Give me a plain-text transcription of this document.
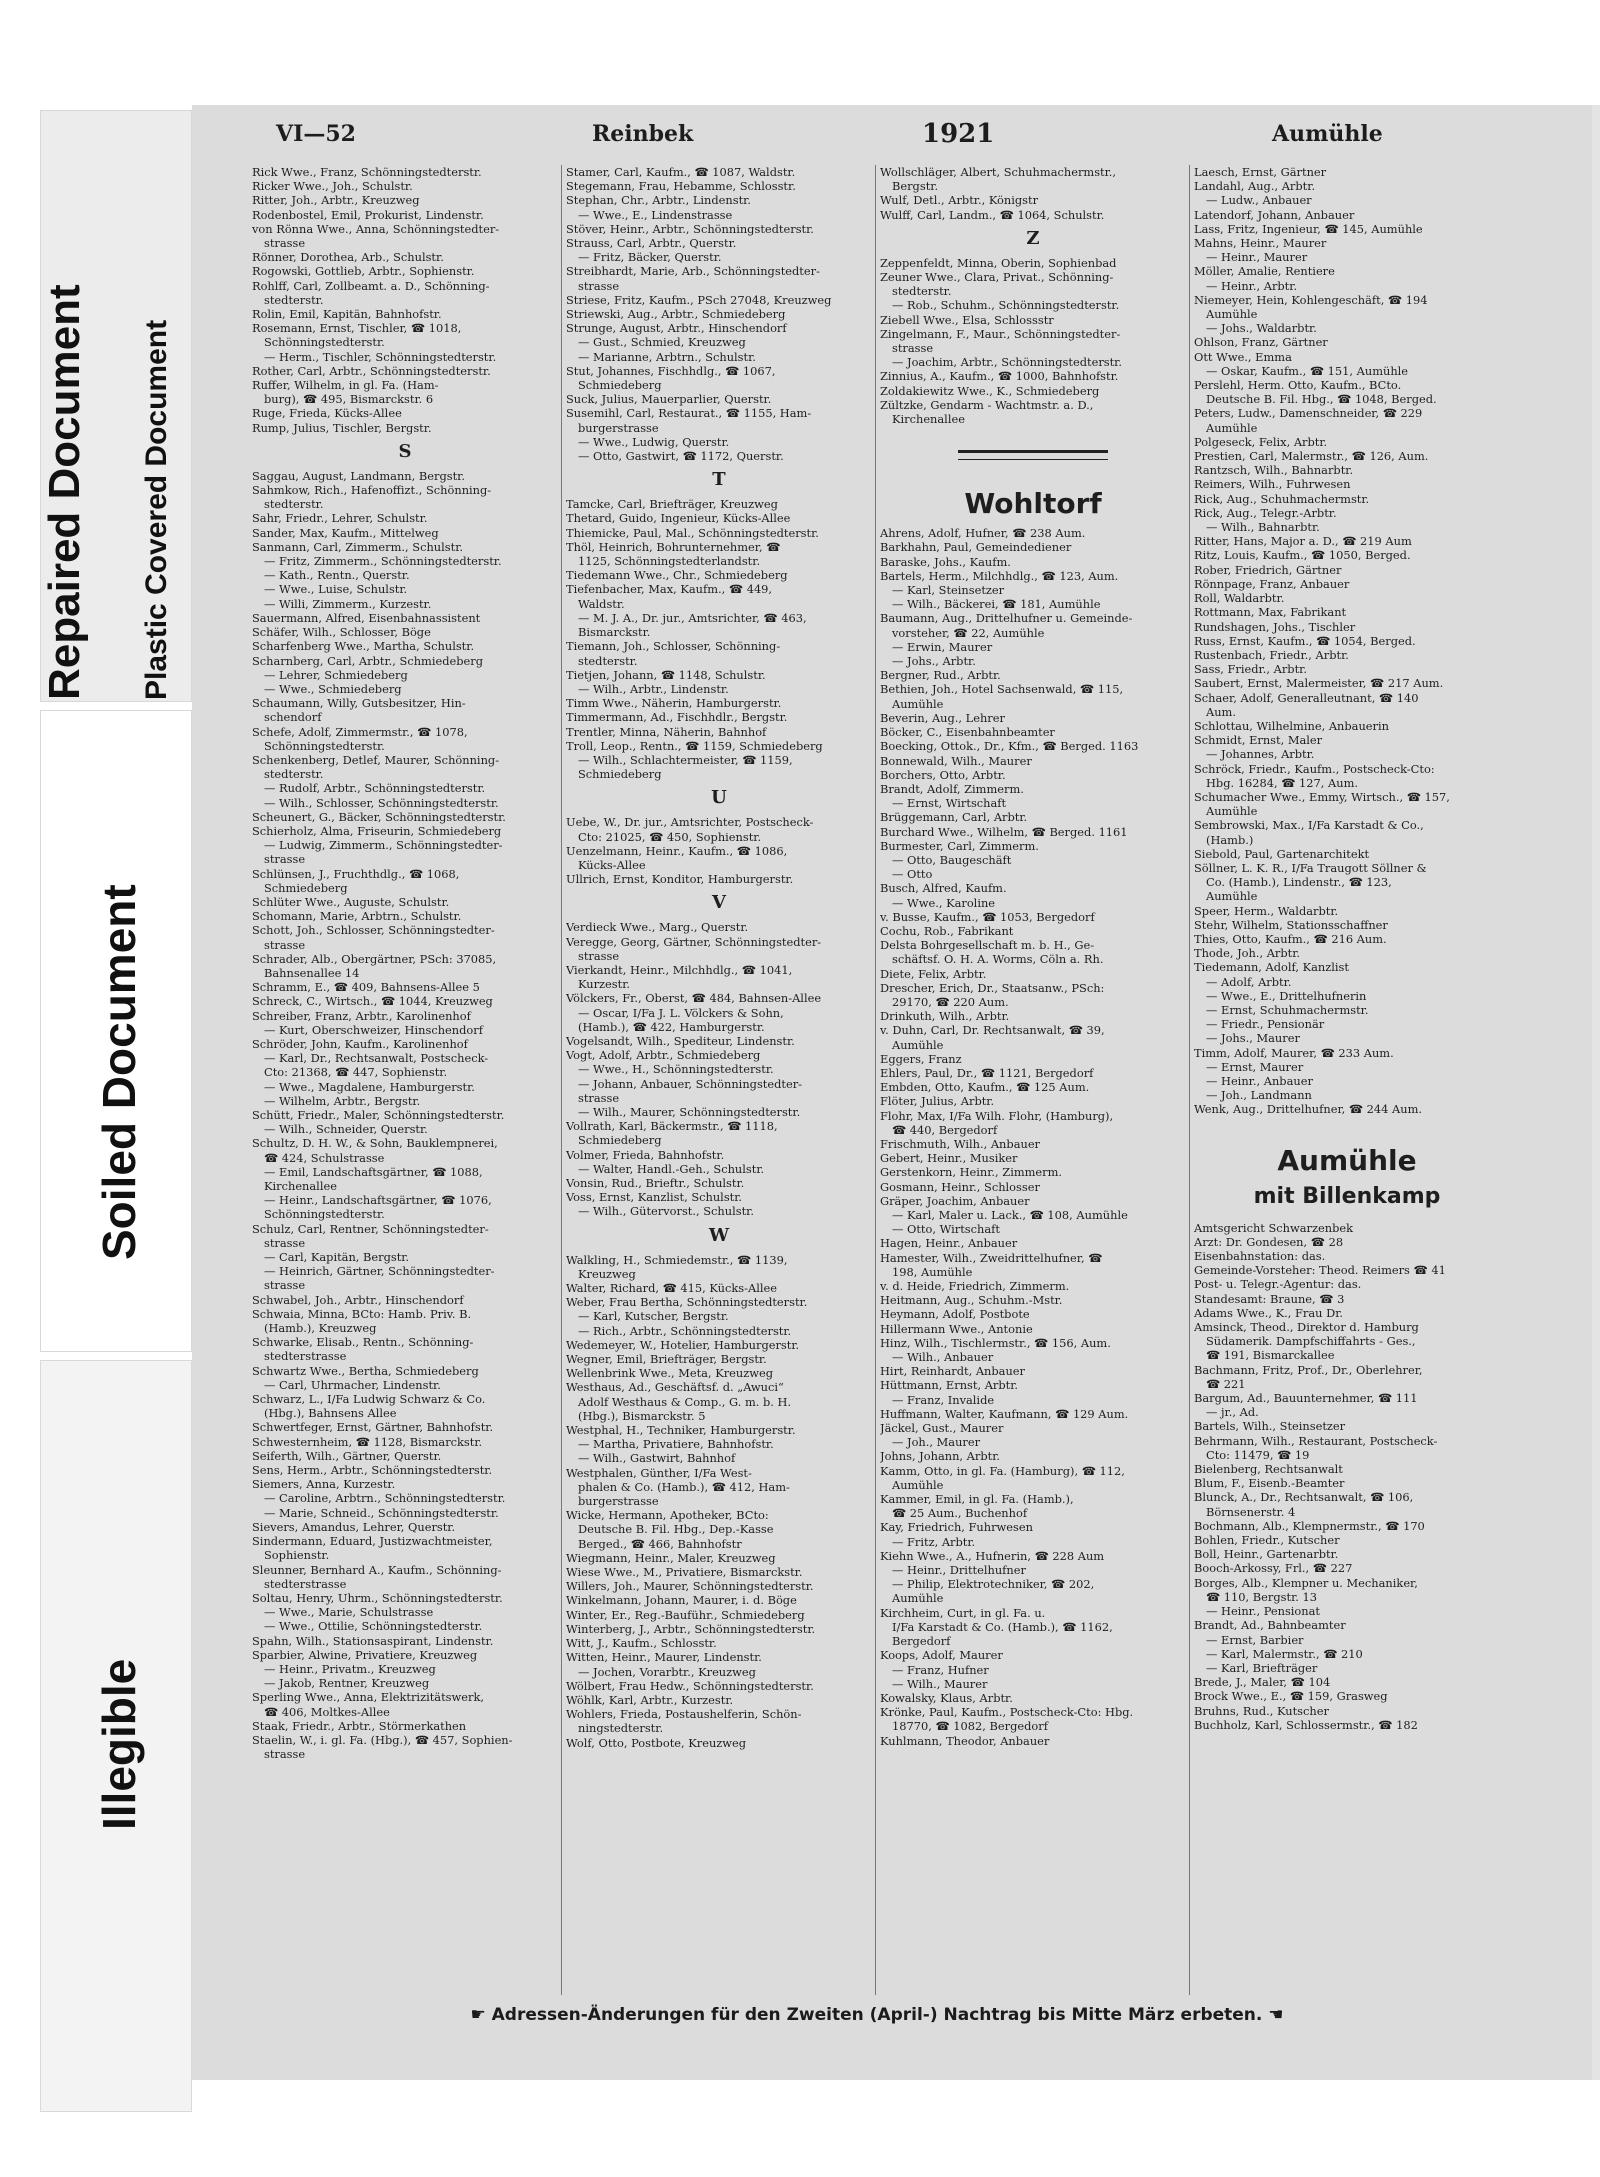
Repaired Document Plastic Covered Document
Soiled Document
Illegible
VI—52	Reinbek	1921	Aumühle
Rick Wwe., Franz, Schönningstedterstr.
Ricker Wwe., Joh., Schulstr.
Ritter, Joh., Arbtr., Kreuzweg
Rodenbostel, Emil, Prokurist, Lindenstr.
von Rönna Wwe., Anna, Schönningstedter-
strasse
Rönner, Dorothea, Arb., Schulstr.
Rogowski, Gottlieb, Arbtr., Sophienstr.
Rohlff, Carl, Zollbeamt. a. D., Schönning-
stedterstr.
Rolin, Emil, Kapitän, Bahnhofstr.
Rosemann, Ernst, Tischler, ☎ 1018,
Schönningstedterstr.
— Herm., Tischler, Schönningstedterstr.
Rother, Carl, Arbtr., Schönningstedterstr.
Ruffer, Wilhelm, in gl. Fa. (Ham-
burg), ☎ 495, Bismarckstr. 6
Ruge, Frieda, Kücks-Allee
Rump, Julius, Tischler, Bergstr.
S
Saggau, August, Landmann, Bergstr.
Sahmkow, Rich., Hafenoffizt., Schönning-
stedterstr.
Sahr, Friedr., Lehrer, Schulstr.
Sander, Max, Kaufm., Mittelweg
Sanmann, Carl, Zimmerm., Schulstr.
— Fritz, Zimmerm., Schönningstedterstr.
— Kath., Rentn., Querstr.
— Wwe., Luise, Schulstr.
— Willi, Zimmerm., Kurzestr.
Sauermann, Alfred, Eisenbahnassistent
Schäfer, Wilh., Schlosser, Böge
Scharfenberg Wwe., Martha, Schulstr.
Scharnberg, Carl, Arbtr., Schmiedeberg
— Lehrer, Schmiedeberg
— Wwe., Schmiedeberg
Schaumann, Willy, Gutsbesitzer, Hin-
schendorf
Schefe, Adolf, Zimmermstr., ☎ 1078,
Schönningstedterstr.
Schenkenberg, Detlef, Maurer, Schönning-
stedterstr.
— Rudolf, Arbtr., Schönningstedterstr.
— Wilh., Schlosser, Schönningstedterstr.
Scheunert, G., Bäcker, Schönningstedterstr.
Schierholz, Alma, Friseurin, Schmiedeberg
— Ludwig, Zimmerm., Schönningstedter-
strasse
Schlünsen, J., Fruchthdlg., ☎ 1068,
Schmiedeberg
Schlüter Wwe., Auguste, Schulstr.
Schomann, Marie, Arbtrn., Schulstr.
Schott, Joh., Schlosser, Schönningstedter-
strasse
Schrader, Alb., Obergärtner, PSch: 37085,
Bahnsenallee 14
Schramm, E., ☎ 409, Bahnsens-Allee 5
Schreck, C., Wirtsch., ☎ 1044, Kreuzweg
Schreiber, Franz, Arbtr., Karolinenhof
— Kurt, Oberschweizer, Hinschendorf
Schröder, John, Kaufm., Karolinenhof
— Karl, Dr., Rechtsanwalt, Postscheck-
Cto: 21368, ☎ 447, Sophienstr.
— Wwe., Magdalene, Hamburgerstr.
— Wilhelm, Arbtr., Bergstr.
Schütt, Friedr., Maler, Schönningstedterstr.
— Wilh., Schneider, Querstr.
Schultz, D. H. W., & Sohn, Bauklempnerei,
☎ 424, Schulstrasse
— Emil, Landschaftsgärtner, ☎ 1088,
Kirchenallee
— Heinr., Landschaftsgärtner, ☎ 1076,
Schönningstedterstr.
Schulz, Carl, Rentner, Schönningstedter-
strasse
— Carl, Kapitän, Bergstr.
— Heinrich, Gärtner, Schönningstedter-
strasse
Schwabel, Joh., Arbtr., Hinschendorf
Schwaia, Minna, BCto: Hamb. Priv. B.
(Hamb.), Kreuzweg
Schwarke, Elisab., Rentn., Schönning-
stedterstrasse
Schwartz Wwe., Bertha, Schmiedeberg
— Carl, Uhrmacher, Lindenstr.
Schwarz, L., I/Fa Ludwig Schwarz & Co.
(Hbg.), Bahnsens Allee
Schwertfeger, Ernst, Gärtner, Bahnhofstr.
Schwesternheim, ☎ 1128, Bismarckstr.
Seiferth, Wilh., Gärtner, Querstr.
Sens, Herm., Arbtr., Schönningstedterstr.
Siemers, Anna, Kurzestr.
— Caroline, Arbtrn., Schönningstedterstr.
— Marie, Schneid., Schönningstedterstr.
Sievers, Amandus, Lehrer, Querstr.
Sindermann, Eduard, Justizwachtmeister,
Sophienstr.
Sleunner, Bernhard A., Kaufm., Schönning-
stedterstrasse
Soltau, Henry, Uhrm., Schönningstedterstr.
— Wwe., Marie, Schulstrasse
— Wwe., Ottilie, Schönningstedterstr.
Spahn, Wilh., Stationsaspirant, Lindenstr.
Sparbier, Alwine, Privatiere, Kreuzweg
— Heinr., Privatm., Kreuzweg
— Jakob, Rentner, Kreuzweg
Sperling Wwe., Anna, Elektrizitätswerk,
☎ 406, Moltkes-Allee
Staak, Friedr., Arbtr., Störmerkathen
Staelin, W., i. gl. Fa. (Hbg.), ☎ 457, Sophien-
strasse
Stamer, Carl, Kaufm., ☎ 1087, Waldstr.
Stegemann, Frau, Hebamme, Schlosstr.
Stephan, Chr., Arbtr., Lindenstr.
— Wwe., E., Lindenstrasse
Stöver, Heinr., Arbtr., Schönningstedterstr.
Strauss, Carl, Arbtr., Querstr.
— Fritz, Bäcker, Querstr.
Streibhardt, Marie, Arb., Schönningstedter-
strasse
Striese, Fritz, Kaufm., PSch 27048, Kreuzweg
Striewski, Aug., Arbtr., Schmiedeberg
Strunge, August, Arbtr., Hinschendorf
— Gust., Schmied, Kreuzweg
— Marianne, Arbtrn., Schulstr.
Stut, Johannes, Fischhdlg., ☎ 1067,
Schmiedeberg
Suck, Julius, Mauerparlier, Querstr.
Susemihl, Carl, Restaurat., ☎ 1155, Ham-
burgerstrasse
— Wwe., Ludwig, Querstr.
— Otto, Gastwirt, ☎ 1172, Querstr.
T
Tamcke, Carl, Briefträger, Kreuzweg
Thetard, Guido, Ingenieur, Kücks-Allee
Thiemicke, Paul, Mal., Schönningstedterstr.
Thöl, Heinrich, Bohrunternehmer, ☎
1125, Schönningstedterlandstr.
Tiedemann Wwe., Chr., Schmiedeberg
Tiefenbacher, Max, Kaufm., ☎ 449,
Waldstr.
— M. J. A., Dr. jur., Amtsrichter, ☎ 463,
Bismarckstr.
Tiemann, Joh., Schlosser, Schönning-
stedterstr.
Tietjen, Johann, ☎ 1148, Schulstr.
— Wilh., Arbtr., Lindenstr.
Timm Wwe., Näherin, Hamburgerstr.
Timmermann, Ad., Fischhdlr., Bergstr.
Trentler, Minna, Näherin, Bahnhof
Troll, Leop., Rentn., ☎ 1159, Schmiedeberg
— Wilh., Schlachtermeister, ☎ 1159,
Schmiedeberg
U
Uebe, W., Dr. jur., Amtsrichter, Postscheck-
Cto: 21025, ☎ 450, Sophienstr.
Uenzelmann, Heinr., Kaufm., ☎ 1086,
Kücks-Allee
Ullrich, Ernst, Konditor, Hamburgerstr.
V
Verdieck Wwe., Marg., Querstr.
Veregge, Georg, Gärtner, Schönningstedter-
strasse
Vierkandt, Heinr., Milchhdlg., ☎ 1041,
Kurzestr.
Völckers, Fr., Oberst, ☎ 484, Bahnsen-Allee
— Oscar, I/Fa J. L. Völckers & Sohn,
(Hamb.), ☎ 422, Hamburgerstr.
Vogelsandt, Wilh., Spediteur, Lindenstr.
Vogt, Adolf, Arbtr., Schmiedeberg
— Wwe., H., Schönningstedterstr.
— Johann, Anbauer, Schönningstedter-
strasse
— Wilh., Maurer, Schönningstedterstr.
Vollrath, Karl, Bäckermstr., ☎ 1118,
Schmiedeberg
Volmer, Frieda, Bahnhofstr.
— Walter, Handl.-Geh., Schulstr.
Vonsin, Rud., Brieftr., Schulstr.
Voss, Ernst, Kanzlist, Schulstr.
— Wilh., Gütervorst., Schulstr.
W
Walkling, H., Schmiedemstr., ☎ 1139,
Kreuzweg
Walter, Richard, ☎ 415, Kücks-Allee
Weber, Frau Bertha, Schönningstedterstr.
— Karl, Kutscher, Bergstr.
— Rich., Arbtr., Schönningstedterstr.
Wedemeyer, W., Hotelier, Hamburgerstr.
Wegner, Emil, Briefträger, Bergstr.
Wellenbrink Wwe., Meta, Kreuzweg
Westhaus, Ad., Geschäftsf. d. „Awuci“
Adolf Westhaus & Comp., G. m. b. H.
(Hbg.), Bismarckstr. 5
Westphal, H., Techniker, Hamburgerstr.
— Martha, Privatiere, Bahnhofstr.
— Wilh., Gastwirt, Bahnhof
Westphalen, Günther, I/Fa West-
phalen & Co. (Hamb.), ☎ 412, Ham-
burgerstrasse
Wicke, Hermann, Apotheker, BCto:
Deutsche B. Fil. Hbg., Dep.-Kasse
Berged., ☎ 466, Bahnhofstr
Wiegmann, Heinr., Maler, Kreuzweg
Wiese Wwe., M., Privatiere, Bismarckstr.
Willers, Joh., Maurer, Schönningstedterstr.
Winkelmann, Johann, Maurer, i. d. Böge
Winter, Er., Reg.-Bauführ., Schmiedeberg
Winterberg, J., Arbtr., Schönningstedterstr.
Witt, J., Kaufm., Schlosstr.
Witten, Heinr., Maurer, Lindenstr.
— Jochen, Vorarbtr., Kreuzweg
Wölbert, Frau Hedw., Schönningstedterstr.
Wöhlk, Karl, Arbtr., Kurzestr.
Wohlers, Frieda, Postaushelferin, Schön-
ningstedterstr.
Wolf, Otto, Postbote, Kreuzweg
Wollschläger, Albert, Schuhmachermstr.,
Bergstr.
Wulf, Detl., Arbtr., Königstr
Wulff, Carl, Landm., ☎ 1064, Schulstr.
Z
Zeppenfeldt, Minna, Oberin, Sophienbad
Zeuner Wwe., Clara, Privat., Schönning-
stedterstr.
— Rob., Schuhm., Schönningstedterstr.
Ziebell Wwe., Elsa, Schlossstr
Zingelmann, F., Maur., Schönningstedter-
strasse
— Joachim, Arbtr., Schönningstedterstr.
Zinnius, A., Kaufm., ☎ 1000, Bahnhofstr.
Zoldakiewitz Wwe., K., Schmiedeberg
Zültzke, Gendarm - Wachtmstr. a. D.,
Kirchenallee
Wohltorf
Ahrens, Adolf, Hufner, ☎ 238 Aum.
Barkhahn, Paul, Gemeindediener
Baraske, Johs., Kaufm.
Bartels, Herm., Milchhdlg., ☎ 123, Aum.
— Karl, Steinsetzer
— Wilh., Bäckerei, ☎ 181, Aumühle
Baumann, Aug., Drittelhufner u. Gemeinde-
vorsteher, ☎ 22, Aumühle
— Erwin, Maurer
— Johs., Arbtr.
Bergner, Rud., Arbtr.
Bethien, Joh., Hotel Sachsenwald, ☎ 115,
Aumühle
Beverin, Aug., Lehrer
Böcker, C., Eisenbahnbeamter
Boecking, Ottok., Dr., Kfm., ☎ Berged. 1163
Bonnewald, Wilh., Maurer
Borchers, Otto, Arbtr.
Brandt, Adolf, Zimmerm.
— Ernst, Wirtschaft
Brüggemann, Carl, Arbtr.
Burchard Wwe., Wilhelm, ☎ Berged. 1161
Burmester, Carl, Zimmerm.
— Otto, Baugeschäft
— Otto
Busch, Alfred, Kaufm.
— Wwe., Karoline
v. Busse, Kaufm., ☎ 1053, Bergedorf
Cochu, Rob., Fabrikant
Delsta Bohrgesellschaft m. b. H., Ge-
schäftsf. O. H. A. Worms, Cöln a. Rh.
Diete, Felix, Arbtr.
Drescher, Erich, Dr., Staatsanw., PSch:
29170, ☎ 220 Aum.
Drinkuth, Wilh., Arbtr.
v. Duhn, Carl, Dr. Rechtsanwalt, ☎ 39,
Aumühle
Eggers, Franz
Ehlers, Paul, Dr., ☎ 1121, Bergedorf
Embden, Otto, Kaufm., ☎ 125 Aum.
Flöter, Julius, Arbtr.
Flohr, Max, I/Fa Wilh. Flohr, (Hamburg),
☎ 440, Bergedorf
Frischmuth, Wilh., Anbauer
Gebert, Heinr., Musiker
Gerstenkorn, Heinr., Zimmerm.
Gosmann, Heinr., Schlosser
Gräper, Joachim, Anbauer
— Karl, Maler u. Lack., ☎ 108, Aumühle
— Otto, Wirtschaft
Hagen, Heinr., Anbauer
Hamester, Wilh., Zweidrittelhufner, ☎
198, Aumühle
v. d. Heide, Friedrich, Zimmerm.
Heitmann, Aug., Schuhm.-Mstr.
Heymann, Adolf, Postbote
Hillermann Wwe., Antonie
Hinz, Wilh., Tischlermstr., ☎ 156, Aum.
— Wilh., Anbauer
Hirt, Reinhardt, Anbauer
Hüttmann, Ernst, Arbtr.
— Franz, Invalide
Huffmann, Walter, Kaufmann, ☎ 129 Aum.
Jäckel, Gust., Maurer
— Joh., Maurer
Johns, Johann, Arbtr.
Kamm, Otto, in gl. Fa. (Hamburg), ☎ 112,
Aumühle
Kammer, Emil, in gl. Fa. (Hamb.),
☎ 25 Aum., Buchenhof
Kay, Friedrich, Fuhrwesen
— Fritz, Arbtr.
Kiehn Wwe., A., Hufnerin, ☎ 228 Aum
— Heinr., Drittelhufner
— Philip, Elektrotechniker, ☎ 202,
Aumühle
Kirchheim, Curt, in gl. Fa. u.
I/Fa Karstadt & Co. (Hamb.), ☎ 1162,
Bergedorf
Koops, Adolf, Maurer
— Franz, Hufner
— Wilh., Maurer
Kowalsky, Klaus, Arbtr.
Krönke, Paul, Kaufm., Postscheck-Cto: Hbg.
18770, ☎ 1082, Bergedorf
Kuhlmann, Theodor, Anbauer
Laesch, Ernst, Gärtner
Landahl, Aug., Arbtr.
— Ludw., Anbauer
Latendorf, Johann, Anbauer
Lass, Fritz, Ingenieur, ☎ 145, Aumühle
Mahns, Heinr., Maurer
— Heinr., Maurer
Möller, Amalie, Rentiere
— Heinr., Arbtr.
Niemeyer, Hein, Kohlengeschäft, ☎ 194
Aumühle
— Johs., Waldarbtr.
Ohlson, Franz, Gärtner
Ott Wwe., Emma
— Oskar, Kaufm., ☎ 151, Aumühle
Perslehl, Herm. Otto, Kaufm., BCto.
Deutsche B. Fil. Hbg., ☎ 1048, Berged.
Peters, Ludw., Damenschneider, ☎ 229
Aumühle
Polgeseck, Felix, Arbtr.
Prestien, Carl, Malermstr., ☎ 126, Aum.
Rantzsch, Wilh., Bahnarbtr.
Reimers, Wilh., Fuhrwesen
Rick, Aug., Schuhmachermstr.
Rick, Aug., Telegr.-Arbtr.
— Wilh., Bahnarbtr.
Ritter, Hans, Major a. D., ☎ 219 Aum
Ritz, Louis, Kaufm., ☎ 1050, Berged.
Rober, Friedrich, Gärtner
Rönnpage, Franz, Anbauer
Roll, Waldarbtr.
Rottmann, Max, Fabrikant
Rundshagen, Johs., Tischler
Russ, Ernst, Kaufm., ☎ 1054, Berged.
Rustenbach, Friedr., Arbtr.
Sass, Friedr., Arbtr.
Saubert, Ernst, Malermeister, ☎ 217 Aum.
Schaer, Adolf, Generalleutnant, ☎ 140
Aum.
Schlottau, Wilhelmine, Anbauerin
Schmidt, Ernst, Maler
— Johannes, Arbtr.
Schröck, Friedr., Kaufm., Postscheck-Cto:
Hbg. 16284, ☎ 127, Aum.
Schumacher Wwe., Emmy, Wirtsch., ☎ 157,
Aumühle
Sembrowski, Max., I/Fa Karstadt & Co.,
(Hamb.)
Siebold, Paul, Gartenarchitekt
Söllner, L. K. R., I/Fa Traugott Söllner &
Co. (Hamb.), Lindenstr., ☎ 123,
Aumühle
Speer, Herm., Waldarbtr.
Stehr, Wilhelm, Stationsschaffner
Thies, Otto, Kaufm., ☎ 216 Aum.
Thode, Joh., Arbtr.
Tiedemann, Adolf, Kanzlist
— Adolf, Arbtr.
— Wwe., E., Drittelhufnerin
— Ernst, Schuhmachermstr.
— Friedr., Pensionär
— Johs., Maurer
Timm, Adolf, Maurer, ☎ 233 Aum.
— Ernst, Maurer
— Heinr., Anbauer
— Joh., Landmann
Wenk, Aug., Drittelhufner, ☎ 244 Aum.
Aumühle
mit Billenkamp
Amtsgericht Schwarzenbek
Arzt: Dr. Gondesen, ☎ 28
Eisenbahnstation: das.
Gemeinde-Vorsteher: Theod. Reimers ☎ 41
Post- u. Telegr.-Agentur: das.
Standesamt: Braune, ☎ 3
Adams Wwe., K., Frau Dr.
Amsinck, Theod., Direktor d. Hamburg
Südamerik. Dampfschiffahrts - Ges.,
☎ 191, Bismarckallee
Bachmann, Fritz, Prof., Dr., Oberlehrer,
☎ 221
Bargum, Ad., Bauunternehmer, ☎ 111
— jr., Ad.
Bartels, Wilh., Steinsetzer
Behrmann, Wilh., Restaurant, Postscheck-
Cto: 11479, ☎ 19
Bielenberg, Rechtsanwalt
Blum, F., Eisenb.-Beamter
Blunck, A., Dr., Rechtsanwalt, ☎ 106,
Börnsenerstr. 4
Bochmann, Alb., Klempnermstr., ☎ 170
Bohlen, Friedr., Kutscher
Boll, Heinr., Gartenarbtr.
Booch-Arkossy, Frl., ☎ 227
Borges, Alb., Klempner u. Mechaniker,
☎ 110, Bergstr. 13
— Heinr., Pensionat
Brandt, Ad., Bahnbeamter
— Ernst, Barbier
— Karl, Malermstr., ☎ 210
— Karl, Briefträger
Brede, J., Maler, ☎ 104
Brock Wwe., E., ☎ 159, Grasweg
Bruhns, Rud., Kutscher
Buchholz, Karl, Schlossermstr., ☎ 182
☛ Adressen-Änderungen für den Zweiten (April-) Nachtrag bis Mitte März erbeten. ☚
